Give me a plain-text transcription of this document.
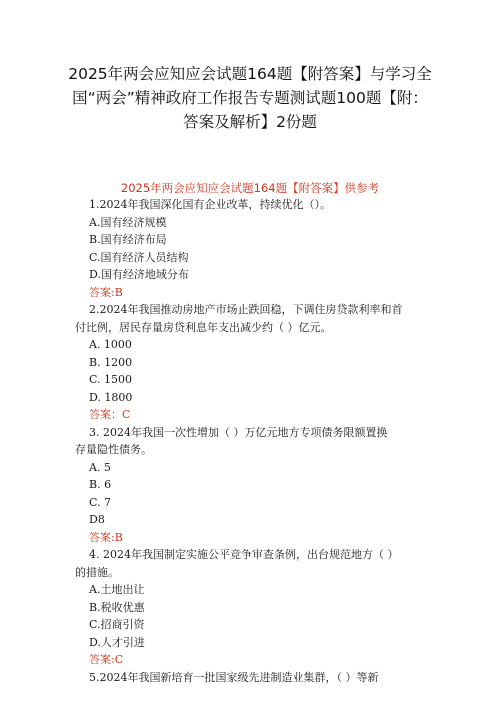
2025年两会应知应会试题164题【附答案】与学习全
国“两会”精神政府工作报告专题测试题100题【附：
答案及解析】2份题
2025年两会应知应会试题164题【附答案】供参考
1.2024年我国深化国有企业改革，持续优化（）。
A.国有经济规模
B.国有经济布局
C.国有经济人员结构
D.国有经济地域分布
答案:B
2.2024年我国推动房地产市场止跌回稳，下调住房贷款利率和首
付比例，居民存量房贷利息年支出减少约（ ）亿元。
A. 1000
B. 1200
C. 1500
D. 1800
答案：C
3. 2024年我国一次性增加（ ）万亿元地方专项债务限额置换
存量隐性债务。
A. 5
B. 6
C. 7
D8
答案:B
4. 2024年我国制定实施公平竞争审查条例，出台规范地方（ ）
的措施。
A.土地出让
B.税收优惠
C.招商引资
D.人才引进
答案:C
5.2024年我国新培育一批国家级先进制造业集群，（ ）等新
